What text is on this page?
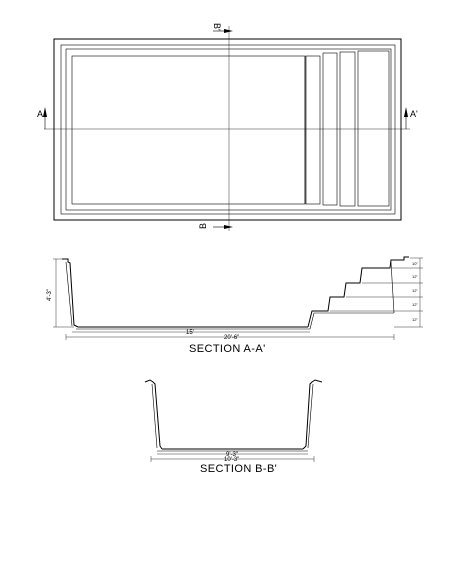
A	A'
B'
B
4'-3"
15'
20'-6"
10"
12"
12"
12"
12"
SECTION A-A'
9'-3"
10'-3"
SECTION B-B'
